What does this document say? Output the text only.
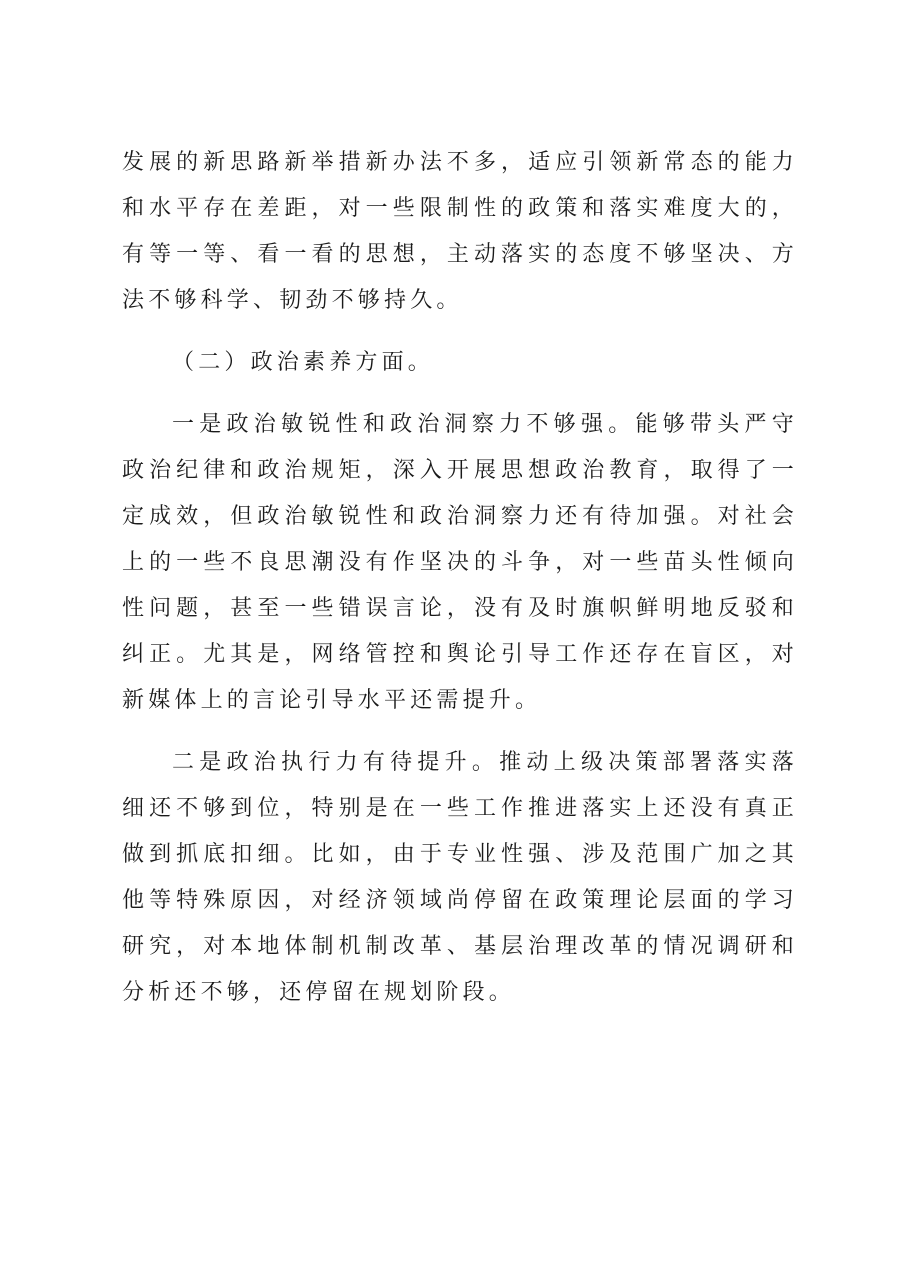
发展的新思路新举措新办法不多，适应引领新常态的能力和水平存在差距，对一些限制性的政策和落实难度大的，有等一等、看一看的思想，主动落实的态度不够坚决、方法不够科学、韧劲不够持久。

（二）政治素养方面。

一是政治敏锐性和政治洞察力不够强。能够带头严守政治纪律和政治规矩，深入开展思想政治教育，取得了一定成效，但政治敏锐性和政治洞察力还有待加强。对社会上的一些不良思潮没有作坚决的斗争，对一些苗头性倾向性问题，甚至一些错误言论，没有及时旗帜鲜明地反驳和纠正。尤其是，网络管控和舆论引导工作还存在盲区，对新媒体上的言论引导水平还需提升。

二是政治执行力有待提升。推动上级决策部署落实落细还不够到位，特别是在一些工作推进落实上还没有真正做到抓底扣细。比如，由于专业性强、涉及范围广加之其他等特殊原因，对经济领域尚停留在政策理论层面的学习研究，对本地体制机制改革、基层治理改革的情况调研和分析还不够，还停留在规划阶段。
